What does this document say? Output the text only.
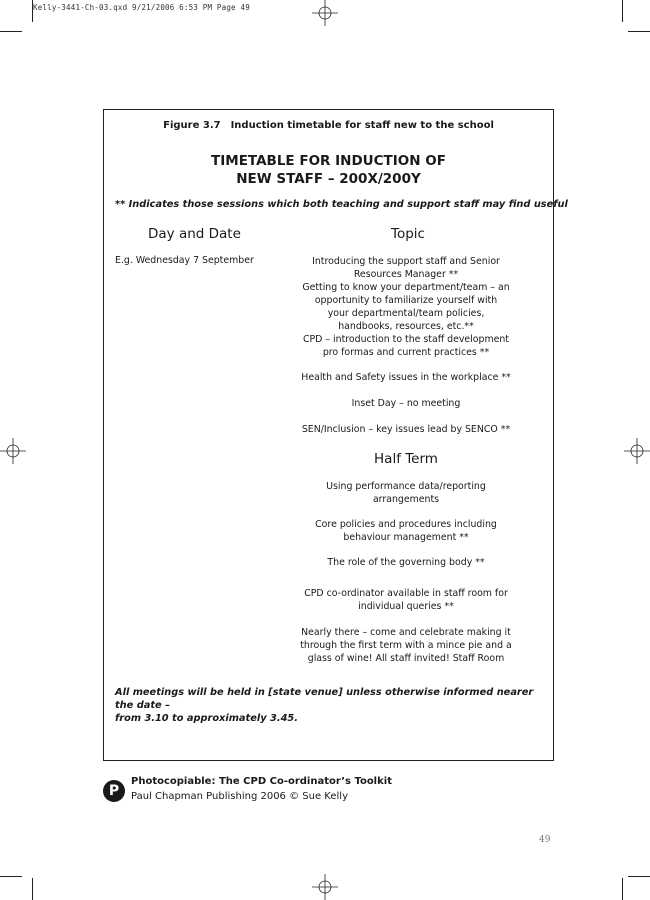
Kelly-3441-Ch-03.qxd 9/21/2006 6:53 PM Page 49
Figure 3.7 Induction timetable for staff new to the school
TIMETABLE FOR INDUCTION OF
NEW STAFF – 200X/200Y
** Indicates those sessions which both teaching and support staff may find useful
Day and Date	Topic
E.g. Wednesday 7 September	Introducing the support staff and Senior
Resources Manager **
Getting to know your department/team – an
opportunity to familiarize yourself with
your departmental/team policies,
handbooks, resources, etc.**
CPD – introduction to the staff development
pro formas and current practices **
Health and Safety issues in the workplace **
Inset Day – no meeting
SEN/Inclusion – key issues lead by SENCO **
Half Term
Using performance data/reporting
arrangements
Core policies and procedures including
behaviour management **
The role of the governing body **
CPD co-ordinator available in staff room for
individual queries **
Nearly there – come and celebrate making it
through the first term with a mince pie and a
glass of wine! All staff invited! Staff Room
All meetings will be held in [state venue] unless otherwise informed nearer the date –
from 3.10 to approximately 3.45.
P
Photocopiable: The CPD Co-ordinator’s Toolkit
Paul Chapman Publishing 2006 © Sue Kelly
49
